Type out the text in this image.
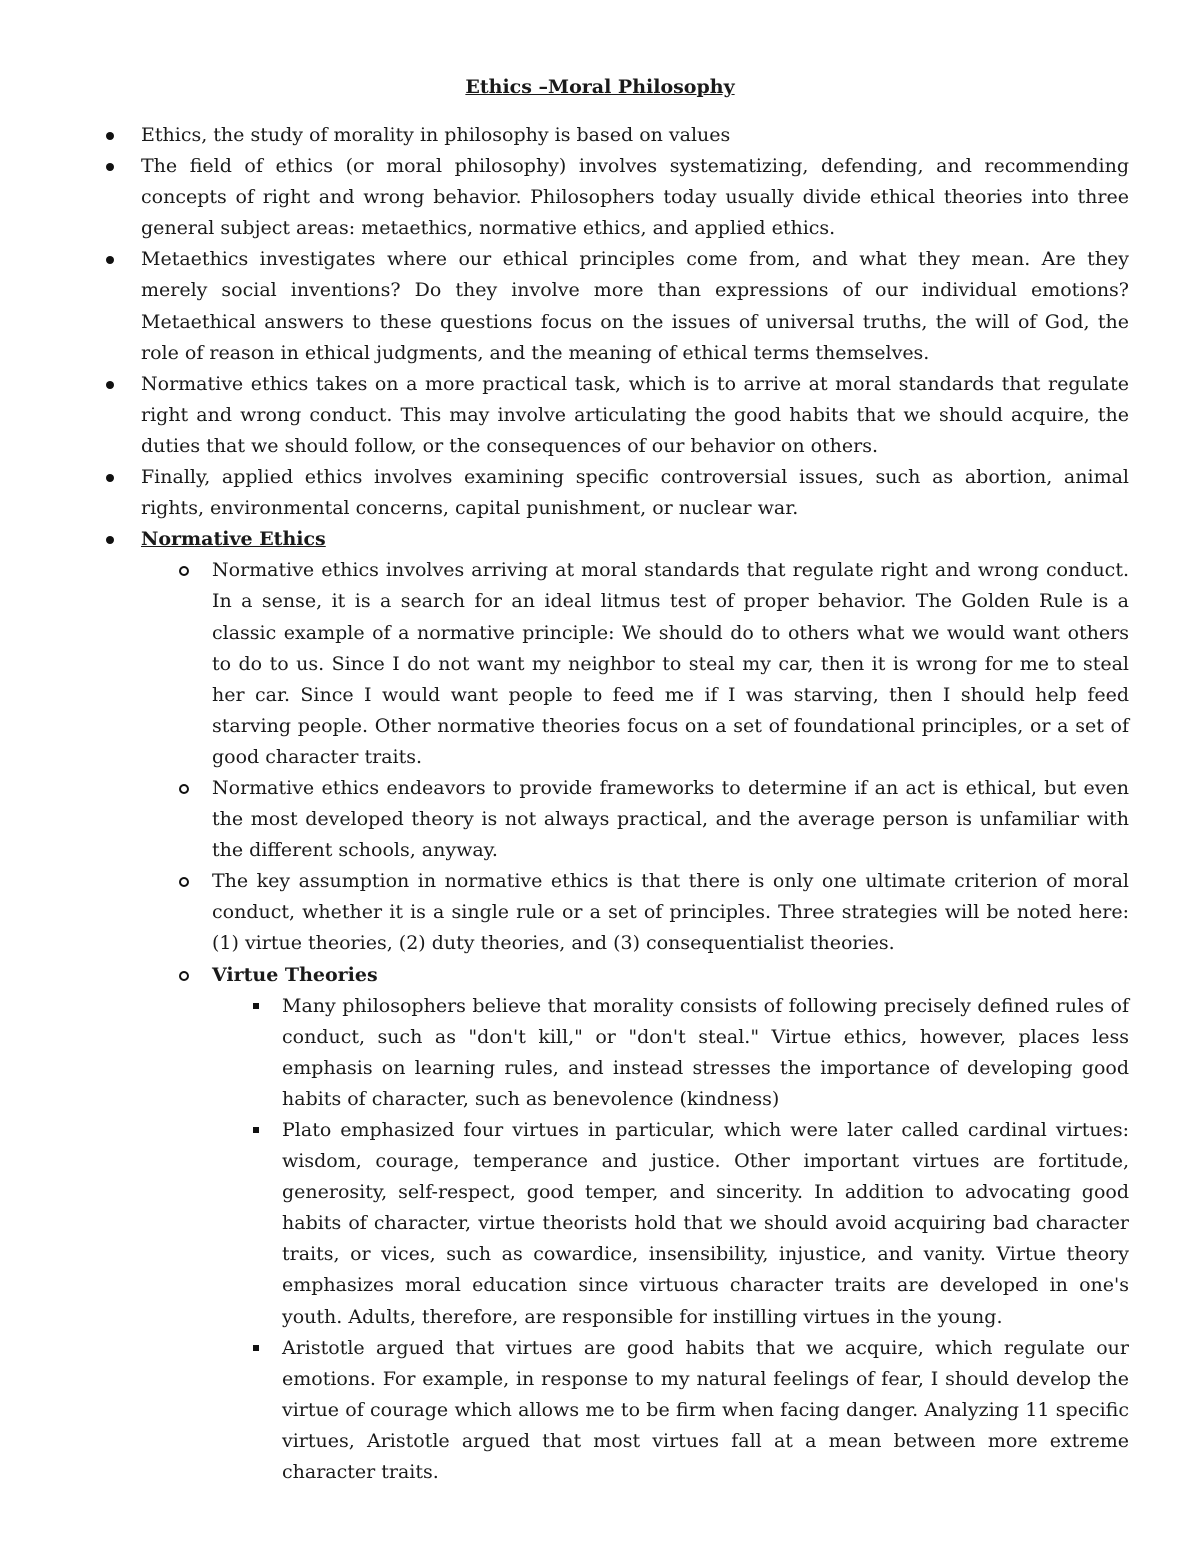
Ethics –Moral Philosophy
Ethics, the study of morality in philosophy is based on values
The field of ethics (or moral philosophy) involves systematizing, defending, and recommending concepts of right and wrong behavior. Philosophers today usually divide ethical theories into three general subject areas: metaethics, normative ethics, and applied ethics.
Metaethics investigates where our ethical principles come from, and what they mean. Are they merely social inventions? Do they involve more than expressions of our individual emotions? Metaethical answers to these questions focus on the issues of universal truths, the will of God, the role of reason in ethical judgments, and the meaning of ethical terms themselves.
Normative ethics takes on a more practical task, which is to arrive at moral standards that regulate right and wrong conduct. This may involve articulating the good habits that we should acquire, the duties that we should follow, or the consequences of our behavior on others.
Finally, applied ethics involves examining specific controversial issues, such as abortion, animal rights, environmental concerns, capital punishment, or nuclear war.
Normative Ethics
Normative ethics involves arriving at moral standards that regulate right and wrong conduct. In a sense, it is a search for an ideal litmus test of proper behavior. The Golden Rule is a classic example of a normative principle: We should do to others what we would want others to do to us. Since I do not want my neighbor to steal my car, then it is wrong for me to steal her car. Since I would want people to feed me if I was starving, then I should help feed starving people. Other normative theories focus on a set of foundational principles, or a set of good character traits.
Normative ethics endeavors to provide frameworks to determine if an act is ethical, but even the most developed theory is not always practical, and the average person is unfamiliar with the different schools, anyway.
The key assumption in normative ethics is that there is only one ultimate criterion of moral conduct, whether it is a single rule or a set of principles. Three strategies will be noted here: (1) virtue theories, (2) duty theories, and (3) consequentialist theories.
Virtue Theories
Many philosophers believe that morality consists of following precisely defined rules of conduct, such as "don't kill," or "don't steal." Virtue ethics, however, places less emphasis on learning rules, and instead stresses the importance of developing good habits of character, such as benevolence (kindness)
Plato emphasized four virtues in particular, which were later called cardinal virtues: wisdom, courage, temperance and justice. Other important virtues are fortitude, generosity, self-respect, good temper, and sincerity. In addition to advocating good habits of character, virtue theorists hold that we should avoid acquiring bad character traits, or vices, such as cowardice, insensibility, injustice, and vanity. Virtue theory emphasizes moral education since virtuous character traits are developed in one's youth. Adults, therefore, are responsible for instilling virtues in the young.
Aristotle argued that virtues are good habits that we acquire, which regulate our emotions. For example, in response to my natural feelings of fear, I should develop the virtue of courage which allows me to be firm when facing danger. Analyzing 11 specific virtues, Aristotle argued that most virtues fall at a mean between more extreme character traits.
